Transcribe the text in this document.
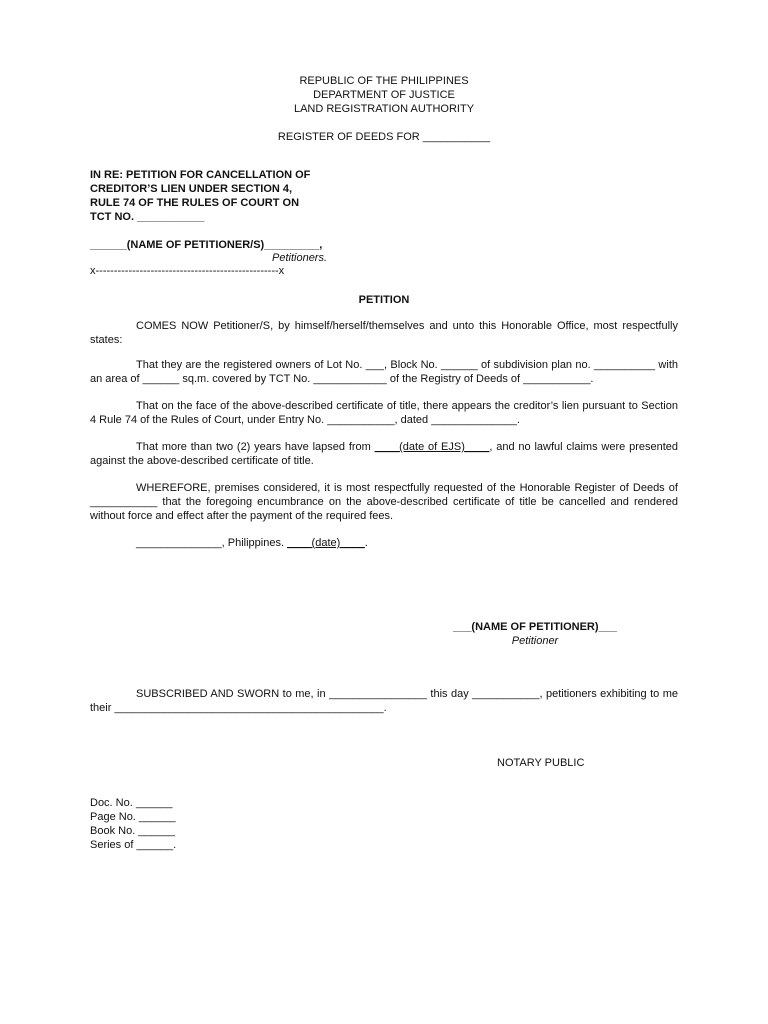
REPUBLIC OF THE PHILIPPINES
DEPARTMENT OF JUSTICE
LAND REGISTRATION AUTHORITY
REGISTER OF DEEDS FOR ___________
IN RE: PETITION FOR CANCELLATION OF
CREDITOR’S LIEN UNDER SECTION 4,
RULE 74 OF THE RULES OF COURT ON
TCT NO. ___________
______(NAME OF PETITIONER/S)_________,
Petitioners.
x--------------------------------------------------x
PETITION

COMES NOW Petitioner/S, by himself/herself/themselves and unto this Honorable Office, most respectfully states:

That they are the registered owners of Lot No. ___, Block No. ______ of subdivision plan no. __________ with an area of ______ sq.m. covered by TCT No. ____________ of the Registry of Deeds of ___________.

That on the face of the above-described certificate of title, there appears the creditor’s lien pursuant to Section 4 Rule 74 of the Rules of Court, under Entry No. ___________, dated ______________.

That more than two (2) years have lapsed from ____(date of EJS)____, and no lawful claims were presented against the above-described certificate of title.

WHEREFORE, premises considered, it is most respectfully requested of the Honorable Register of Deeds of ___________ that the foregoing encumbrance on the above-described certificate of title be cancelled and rendered without force and effect after the payment of the required fees.

______________, Philippines. ____(date)____.

___(NAME OF PETITIONER)___
Petitioner

SUBSCRIBED AND SWORN to me, in ________________ this day ___________, petitioners exhibiting to me their ____________________________________________.

NOTARY PUBLIC
Doc. No. ______
Page No. ______
Book No. ______
Series of ______.
